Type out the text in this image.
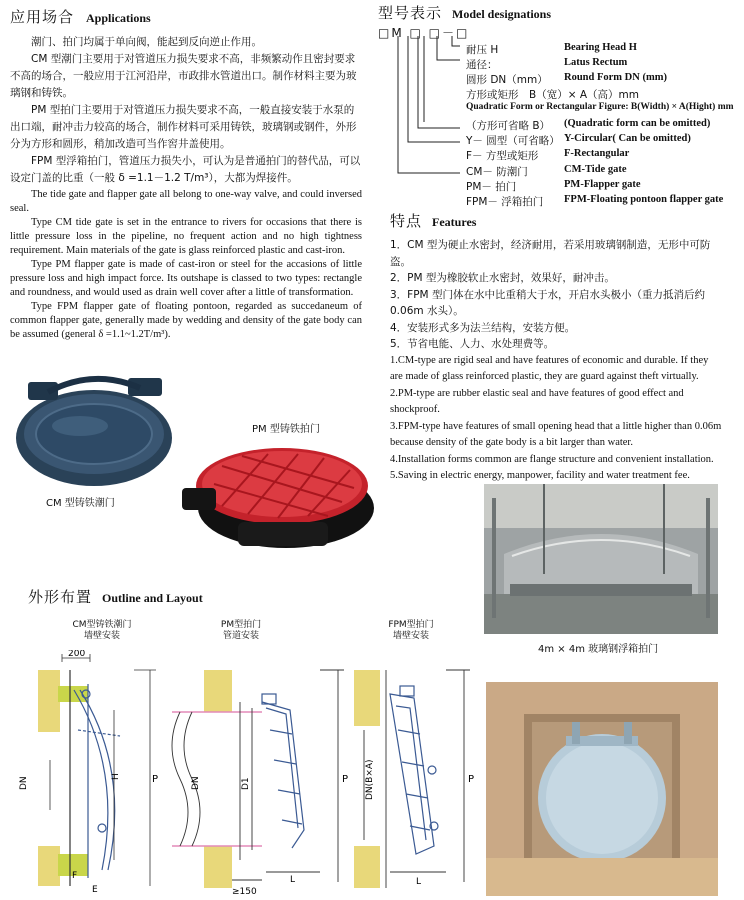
应用场合 Applications

潮门、拍门均属于单向阀，能起到反向逆止作用。

CM 型潮门主要用于对管道压力损失要求不高，非频繁动作且密封要求不高的场合，一般应用于江河沿岸，市政排水管道出口。制作材料主要为玻璃钢和铸铁。

PM 型拍门主要用于对管道压力损失要求不高，一般直接安装于水泵的出口端，耐冲击力较高的场合，制作材料可采用铸铁，玻璃钢或钢件，外形分为方形和圆形，稍加改造可当作窖井盖使用。

FPM 型浮箱拍门，管道压力损失小，可认为是普通拍门的替代品，可以设定门盖的比重（一般 δ =1.1－1.2 T/m³），大都为焊接件。

The tide gate and flapper gate all belong to one-way valve, and could inversed seal.

Type CM tide gate is set in the entrance to rivers for occasions that there is little pressure loss in the pipeline, no frequent action and no high tightness requirement. Main materials of the gate is glass reinforced plastic and cast-iron.

Type PM flapper gate is made of cast-iron or steel for the accasions of little pressure loss and high impact force. Its outshape is classed to two types: rectangle and roundness, and would used as drain well cover after a little of transformation.

Type FPM flapper gate of floating pontoon, regarded as succedaneum of common flapper gate, generally made by wedding and density of the gate body can be assumed (general δ =1.1~1.2T/m³).

型号表示 Model designations
□M □ □－□
耐压 H	Bearing Head H
通径：	Latus Rectum
圆形 DN（mm） Round Form DN (mm)
方形或矩形　B（宽）× A（高）mm
Quadratic Form or Rectangular Figure: B(Width) × A(Hight) mm
（方形可省略 B） (Quadratic form can be omitted)
Y－ 圆型（可省略） Y-Circular( Can be omitted)
F－ 方型或矩形 F-Rectangular
CM－ 防潮门	CM-Tide gate
PM－ 拍门	PM-Flapper gate
FPM－ 浮箱拍门 FPM-Floating pontoon flapper gate
特点 Features

1．CM 型为硬止水密封，经济耐用，若采用玻璃钢制造，无形中可防盗。

2．PM 型为橡胶软止水密封，效果好，耐冲击。

3．FPM 型门体在水中比重稍大于水，开启水头极小（重力抵消后约 0.06m 水头）。

4．安装形式多为法兰结构，安装方便。

5．节省电能、人力、水处理费等。

1.CM-type are rigid seal and have features of economic and durable. If they are made of glass reinforced plastic, they are guard against theft virtually.

2.PM-type are rubber elastic seal and have features of good effect and shockproof.

3.FPM-type have features of small opening head that a little higher than 0.06m because density of the gate body is a bit larger than water.

4.Installation forms common are flange structure and convenient installation.

5.Saving in electric energy, manpower, facility and water treatment fee.

CM 型铸铁潮门
PM 型铸铁拍门
4m × 4m 玻璃钢浮箱拍门
外形布置 Outline and Layout
CM型铸铁潮门
墙壁安装
200
DN	H	P
F
E
PM型拍门
管道安装
DN	D1	P
≥150
L
FPM型拍门
墙壁安装
DN(B×A)	P
L
